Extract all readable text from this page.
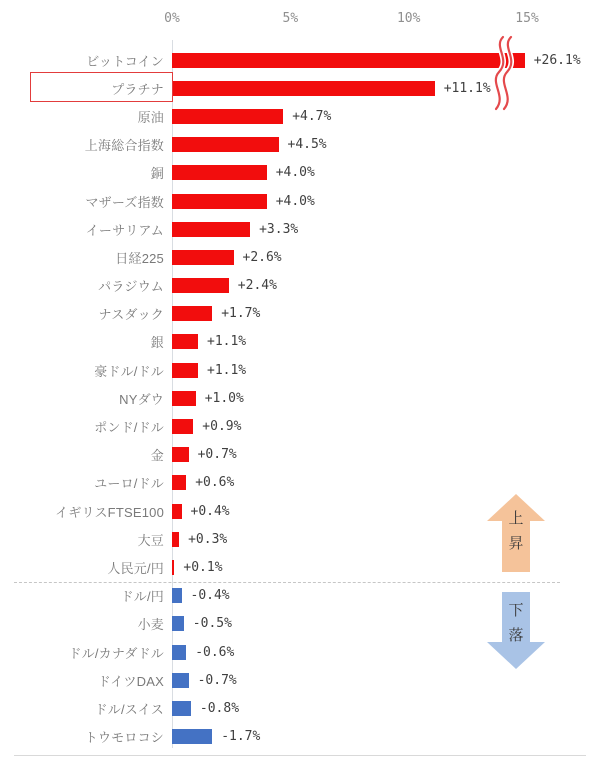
0%	5%	10%	15%
ビットコイン	+26.1%
プラチナ	+11.1%
原油	+4.7%
上海総合指数	+4.5%
銅	+4.0%
マザーズ指数	+4.0%
イーサリアム	+3.3%
日経225	+2.6%
パラジウム	+2.4%
ナスダック	+1.7%
銀	+1.1%
豪ドル/ドル	+1.1%
NYダウ	+1.0%
ポンド/ドル	+0.9%
金	+0.7%
ユーロ/ドル	+0.6%
イギリスFTSE100	+0.4%
大豆	+0.3%
人民元/円	+0.1%
ドル/円	-0.4%
小麦	-0.5%
ドル/カナダドル	-0.6%
ドイツDAX	-0.7%
ドル/スイス	-0.8%
トウモロコシ	-1.7%
上
昇
下
落
